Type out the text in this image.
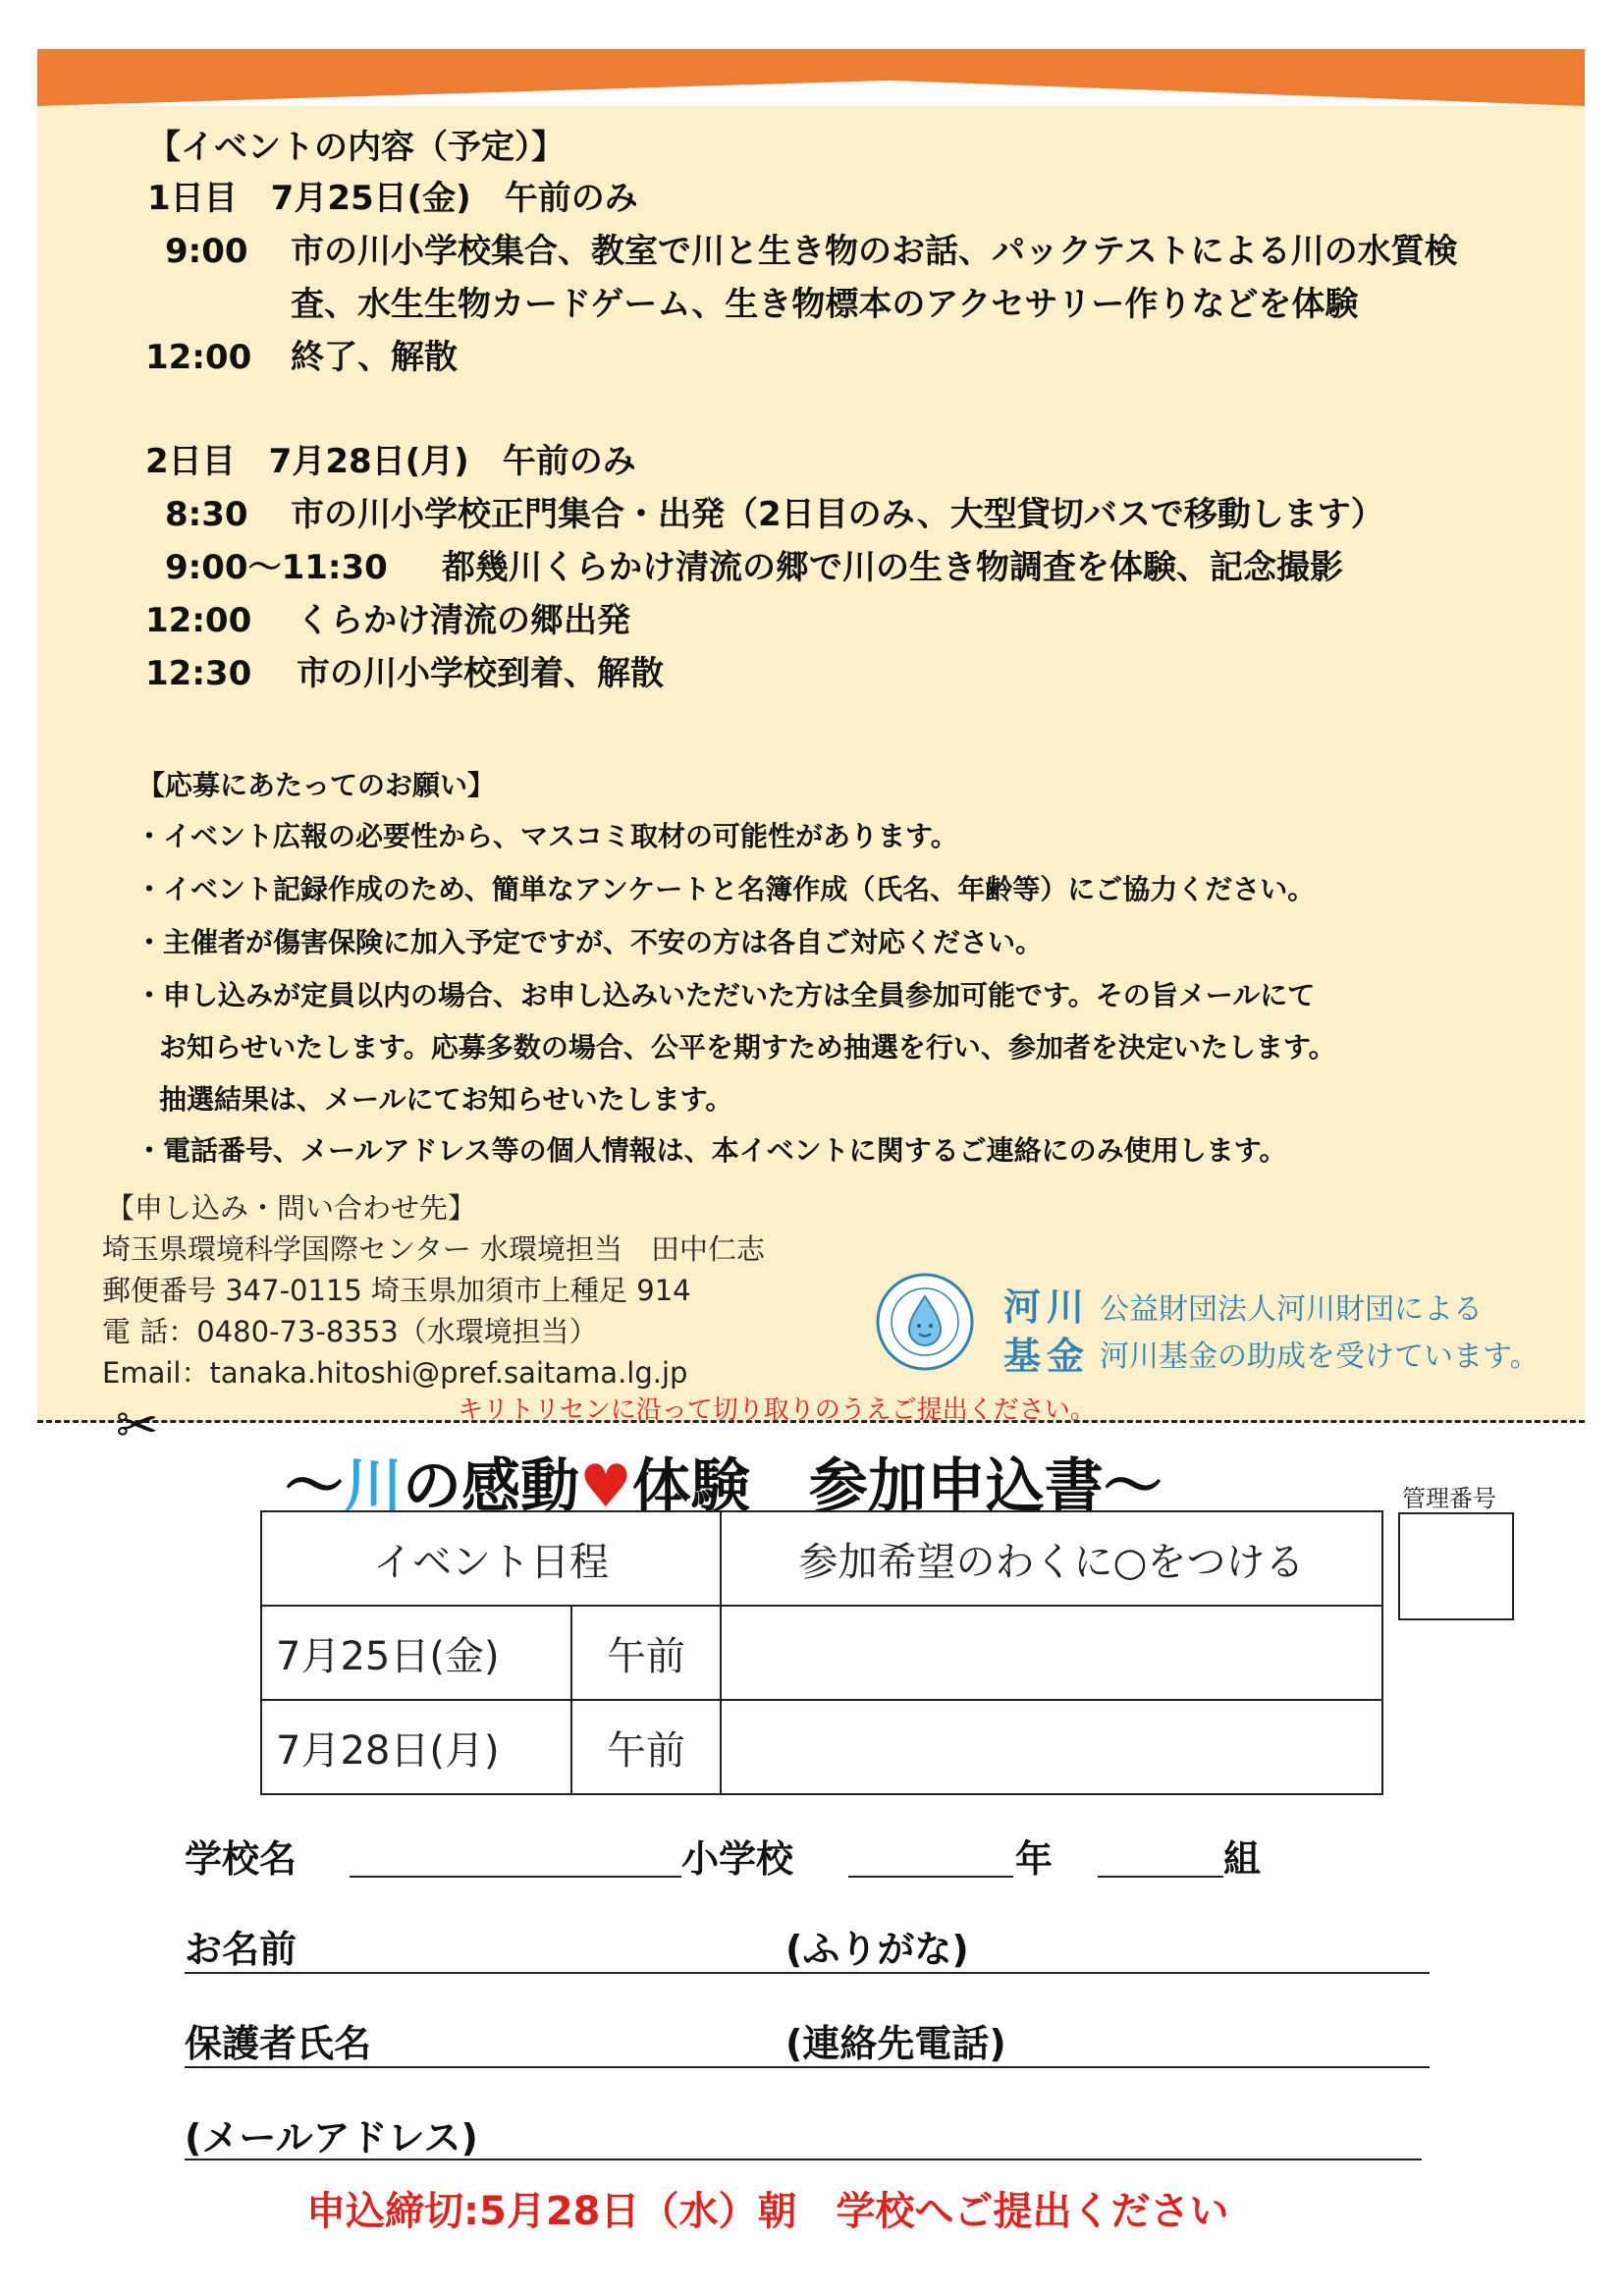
【イベントの内容（予定）】
1日目　7月25日(金)　午前のみ
9:00 市の川小学校集合、教室で川と生き物のお話、パックテストによる川の水質検
査、水生生物カードゲーム、生き物標本のアクセサリー作りなどを体験
12:00 終了、解散
2日目　7月28日(月)　午前のみ
8:30 市の川小学校正門集合・出発（2日目のみ、大型貸切バスで移動します）
9:00～11:30 都幾川くらかけ清流の郷で川の生き物調査を体験、記念撮影
12:00 くらかけ清流の郷出発
12:30 市の川小学校到着、解散
【応募にあたってのお願い】
・イベント広報の必要性から、マスコミ取材の可能性があります。
・イベント記録作成のため、簡単なアンケートと名簿作成（氏名、年齢等）にご協力ください。
・主催者が傷害保険に加入予定ですが、不安の方は各自ご対応ください。
・申し込みが定員以内の場合、お申し込みいただいた方は全員参加可能です。その旨メールにて
お知らせいたします。応募多数の場合、公平を期すため抽選を行い、参加者を決定いたします。
抽選結果は、メールにてお知らせいたします。
・電話番号、メールアドレス等の個人情報は、本イベントに関するご連絡にのみ使用します。
【申し込み・問い合わせ先】
埼玉県環境科学国際センター 水環境担当　田中仁志
郵便番号 347-0115 埼玉県加須市上種足 914
電 話：0480-73-8353（水環境担当）
Email：tanaka.hitoshi@pref.saitama.lg.jp
河川
基金
公益財団法人河川財団による
河川基金の助成を受けています。
キリトリセンに沿って切り取りのうえご提出ください。
✂
～川の感動♥体験　参加申込書～	管理番号
イベント日程		参加希望のわくに○をつける
7月25日(金)	午前	
7月28日(月)	午前	
学校名	小学校	年	組
お名前	(ふりがな)
保護者氏名	(連絡先電話)
(メールアドレス)
申込締切:5月28日（水）朝　学校へご提出ください
